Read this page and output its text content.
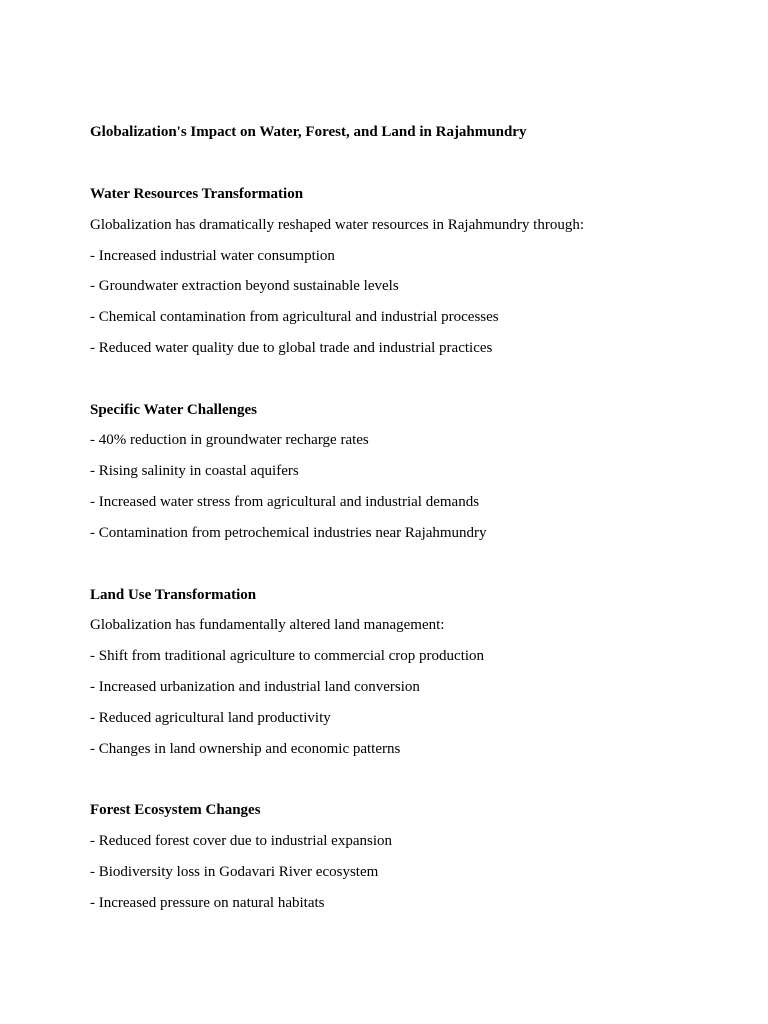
Globalization's Impact on Water, Forest, and Land in Rajahmundry

Water Resources Transformation

Globalization has dramatically reshaped water resources in Rajahmundry through:

- Increased industrial water consumption

- Groundwater extraction beyond sustainable levels

- Chemical contamination from agricultural and industrial processes

- Reduced water quality due to global trade and industrial practices

Specific Water Challenges

- 40% reduction in groundwater recharge rates

- Rising salinity in coastal aquifers

- Increased water stress from agricultural and industrial demands

- Contamination from petrochemical industries near Rajahmundry

Land Use Transformation

Globalization has fundamentally altered land management:

- Shift from traditional agriculture to commercial crop production

- Increased urbanization and industrial land conversion

- Reduced agricultural land productivity

- Changes in land ownership and economic patterns

Forest Ecosystem Changes

- Reduced forest cover due to industrial expansion

- Biodiversity loss in Godavari River ecosystem

- Increased pressure on natural habitats
